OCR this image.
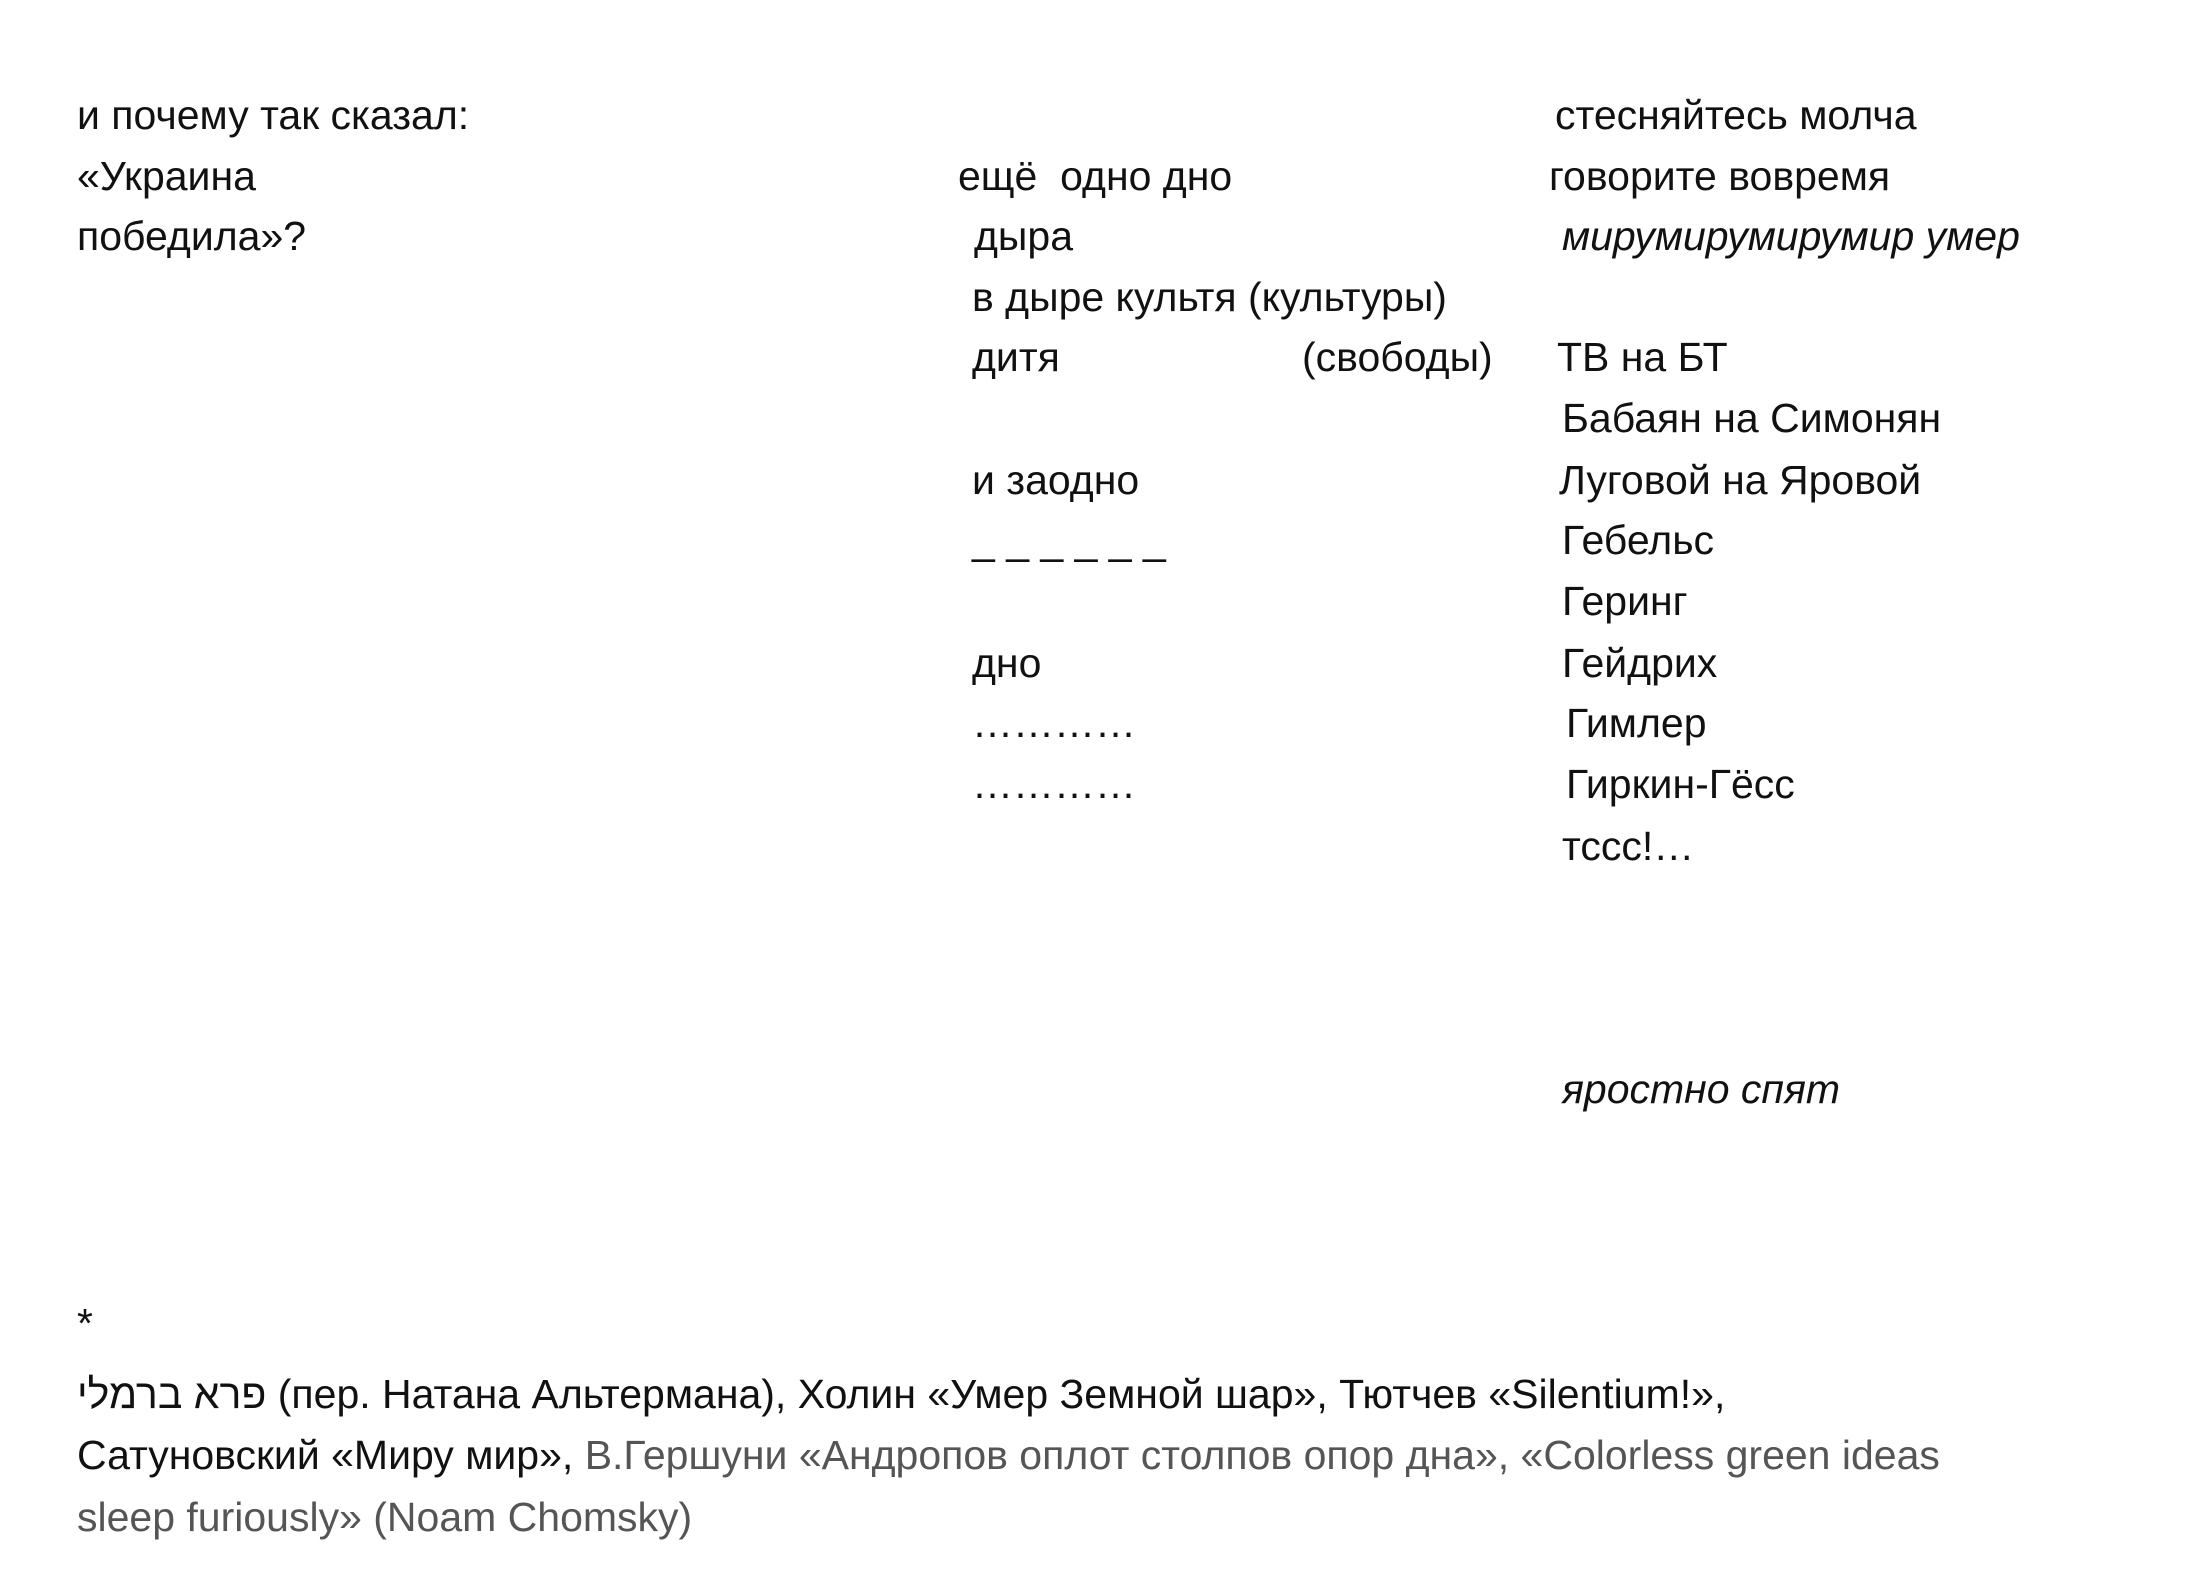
и почему так сказал:
«Украина
победила»?
ещё  одно дно
дыра
в дыре культя (культуры)
дитя	(свободы)
и заодно
_ _ _ _ _ _
дно
…………
…………
стесняйтесь молча
говорите вовремя
мирумирумирумир умер
ТВ на БТ
Бабаян на Симонян
Луговой на Яровой
Гебельс
Геринг
Гейдрих
Гимлер
Гиркин-Гёсс
тссс!…
яростно спят
*
פרא ברמלי (пер. Натана Альтермана), Холин «Умер Земной шар», Тютчев «Silentium!»,
Сатуновский «Миру мир», В.Гершуни «Андропов оплот столпов опор дна», «Colorless green ideas
sleep furiously» (Noam Chomsky)
